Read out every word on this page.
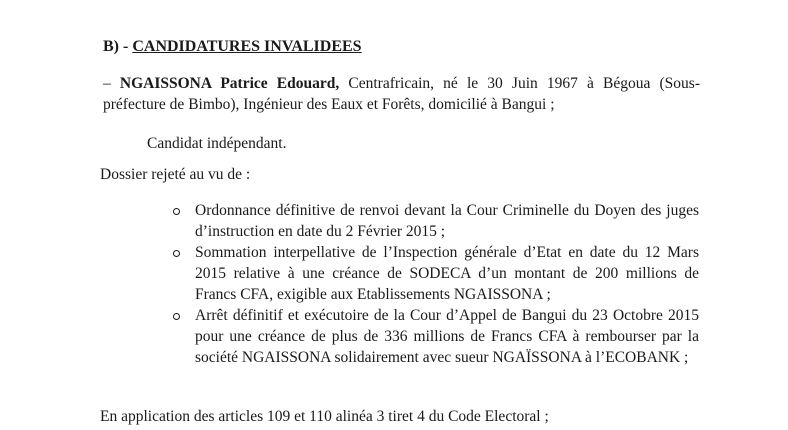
B) - CANDIDATURES INVALIDEES
– NGAISSONA Patrice Edouard, Centrafricain, né le 30 Juin 1967 à Bégoua (Sous-
préfecture de Bimbo), Ingénieur des Eaux et Forêts, domicilié à Bangui ;
Candidat indépendant.
Dossier rejeté au vu de :
Ordonnance définitive de renvoi devant la Cour Criminelle du Doyen des juges d’instruction en date du 2 Février 2015 ;
Sommation interpellative de l’Inspection générale d’Etat en date du 12 Mars 2015 relative à une créance de SODECA d’un montant de 200 millions de Francs CFA, exigible aux Etablissements NGAISSONA ;
Arrêt définitif et exécutoire de la Cour d’Appel de Bangui du 23 Octobre 2015 pour une créance de plus de 336 millions de Francs CFA à rembourser par la société NGAISSONA solidairement avec sueur NGAÏSSONA à l’ECOBANK ;
En application des articles 109 et 110 alinéa 3 tiret 4 du Code Electoral ;
